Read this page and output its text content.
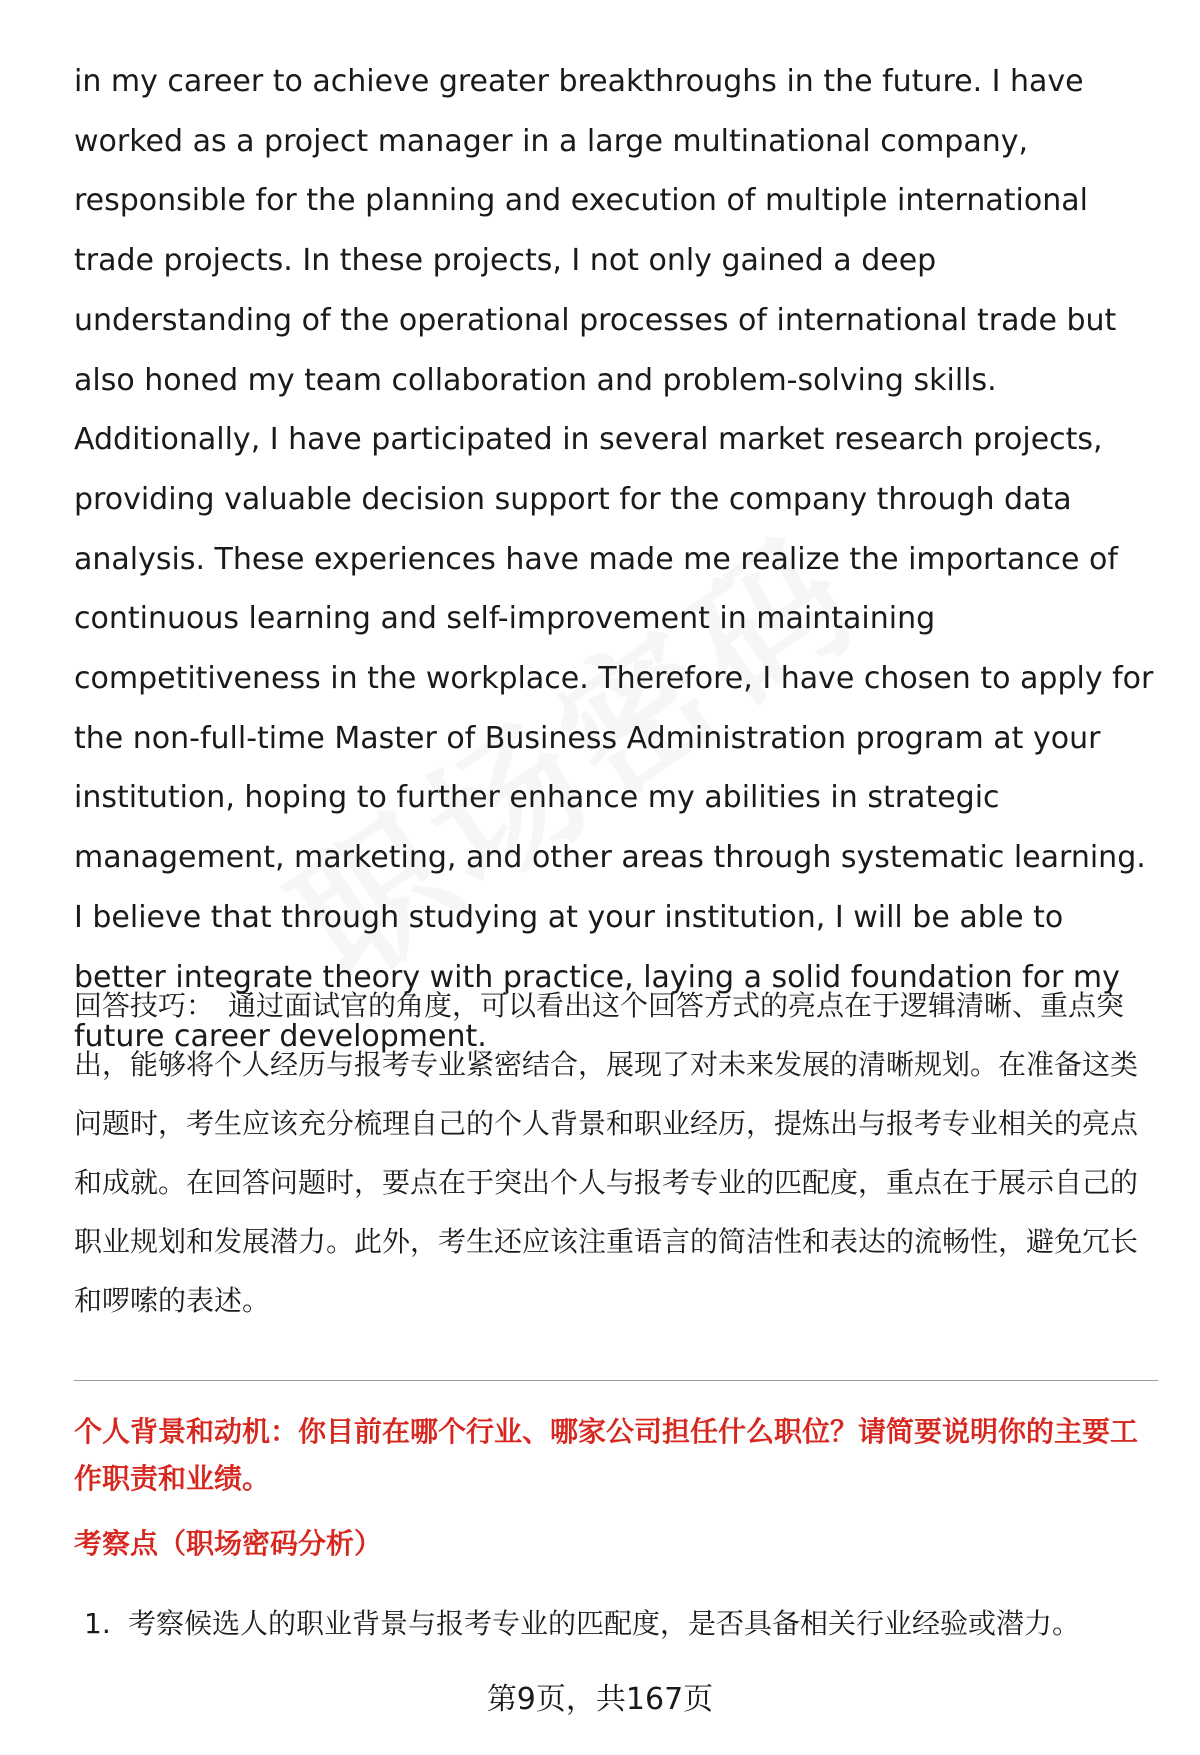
in my career to achieve greater breakthroughs in the future. I have worked as a project manager in a large multinational company, responsible for the planning and execution of multiple international trade projects. In these projects, I not only gained a deep understanding of the operational processes of international trade but also honed my team collaboration and problem-solving skills. Additionally, I have participated in several market research projects, providing valuable decision support for the company through data analysis. These experiences have made me realize the importance of continuous learning and self-improvement in maintaining competitiveness in the workplace. Therefore, I have chosen to apply for the non-full-time Master of Business Administration program at your institution, hoping to further enhance my abilities in strategic management, marketing, and other areas through systematic learning. I believe that through studying at your institution, I will be able to better integrate theory with practice, laying a solid foundation for my future career development.

回答技巧： 通过面试官的角度，可以看出这个回答方式的亮点在于逻辑清晰、重点突出，能够将个人经历与报考专业紧密结合，展现了对未来发展的清晰规划。在准备这类问题时，考生应该充分梳理自己的个人背景和职业经历，提炼出与报考专业相关的亮点和成就。在回答问题时，要点在于突出个人与报考专业的匹配度，重点在于展示自己的职业规划和发展潜力。此外，考生还应该注重语言的简洁性和表达的流畅性，避免冗长和啰嗦的表述。

个人背景和动机：你目前在哪个行业、哪家公司担任什么职位？请简要说明你的主要工作职责和业绩。

考察点（职场密码分析）

1. 考察候选人的职业背景与报考专业的匹配度，是否具备相关行业经验或潜力。

第9页，共167页
